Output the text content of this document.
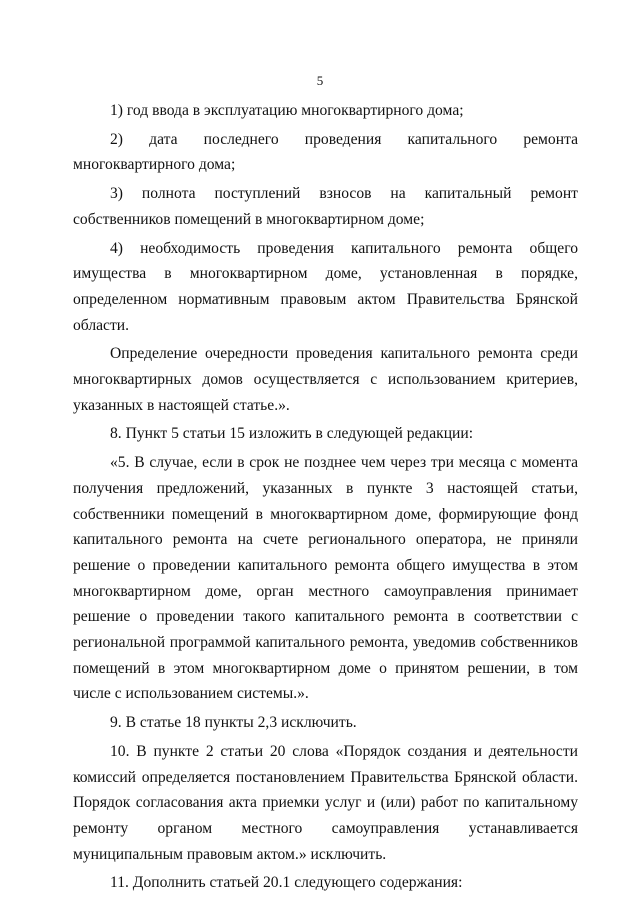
5

1) год ввода в эксплуатацию многоквартирного дома;

2) дата последнего проведения капитального ремонта многоквартирного дома;

3) полнота поступлений взносов на капитальный ремонт собственников помещений в многоквартирном доме;

4) необходимость проведения капитального ремонта общего имущества в многоквартирном доме, установленная в порядке, определенном нормативным правовым актом Правительства Брянской области.

Определение очередности проведения капитального ремонта среди многоквартирных домов осуществляется с использованием критериев, указанных в настоящей статье.».

8. Пункт 5 статьи 15 изложить в следующей редакции:

«5. В случае, если в срок не позднее чем через три месяца с момента получения предложений, указанных в пункте 3 настоящей статьи, собственники помещений в многоквартирном доме, формирующие фонд капитального ремонта на счете регионального оператора, не приняли решение о проведении капитального ремонта общего имущества в этом многоквартирном доме, орган местного самоуправления принимает решение о проведении такого капитального ремонта в соответствии с региональной программой капитального ремонта, уведомив собственников помещений в этом многоквартирном доме о принятом решении, в том числе с использованием системы.».

9. В статье 18 пункты 2,3 исключить.

10. В пункте 2 статьи 20 слова «Порядок создания и деятельности комиссий определяется постановлением Правительства Брянской области. Порядок согласования акта приемки услуг и (или) работ по капитальному ремонту органом местного самоуправления устанавливается муниципальным правовым актом.» исключить.

11. Дополнить статьей 20.1 следующего содержания:
